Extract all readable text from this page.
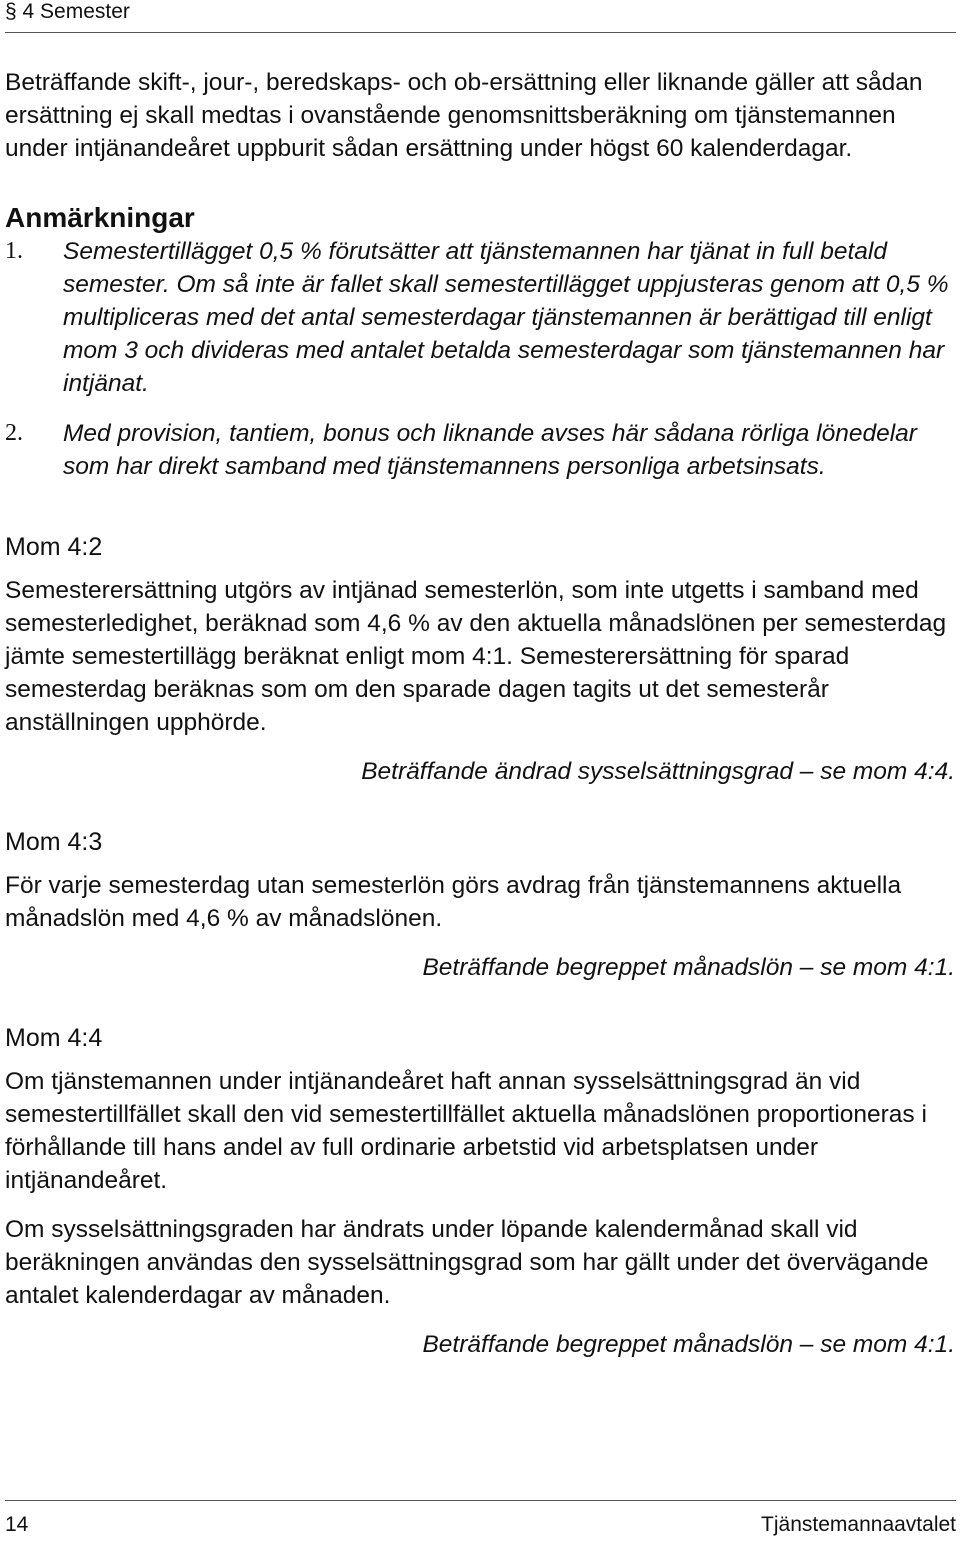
§ 4 Semester

Beträffande skift-, jour-, beredskaps- och ob-ersättning eller liknande gäller att sådan ersättning ej skall medtas i ovanstående genomsnittsberäkning om tjänstemannen under intjänandeåret uppburit sådan ersättning under högst 60 kalenderdagar.

Anmärkningar

1.	Semestertillägget 0,5 % förutsätter att tjänstemannen har tjänat in full betald semester. Om så inte är fallet skall semestertillägget uppjusteras genom att 0,5 % multipliceras med det antal semesterdagar tjänstemannen är berättigad till enligt mom 3 och divideras med antalet betalda semesterdagar som tjänstemannen har intjänat.
2.	Med provision, tantiem, bonus och liknande avses här sådana rörliga lönedelar som har direkt samband med tjänstemannens personliga arbetsinsats.

Mom 4:2

Semesterersättning utgörs av intjänad semesterlön, som inte utgetts i samband med semesterledighet, beräknad som 4,6 % av den aktuella månadslönen per semesterdag jämte semestertillägg beräknat enligt mom 4:1. Semesterersättning för sparad semesterdag beräknas som om den sparade dagen tagits ut det semesterår anställningen upphörde.

Beträffande ändrad sysselsättningsgrad – se mom 4:4.

Mom 4:3

För varje semesterdag utan semesterlön görs avdrag från tjänstemannens aktuella månadslön med 4,6 % av månadslönen.

Beträffande begreppet månadslön – se mom 4:1.

Mom 4:4

Om tjänstemannen under intjänandeåret haft annan sysselsättningsgrad än vid semestertillfället skall den vid semestertillfället aktuella månadslönen proportioneras i förhållande till hans andel av full ordinarie arbetstid vid arbetsplatsen under intjänandeåret.

Om sysselsättningsgraden har ändrats under löpande kalendermånad skall vid beräkningen användas den sysselsättningsgrad som har gällt under det övervägande antalet kalenderdagar av månaden.

Beträffande begreppet månadslön – se mom 4:1.

14	Tjänstemannaavtalet
